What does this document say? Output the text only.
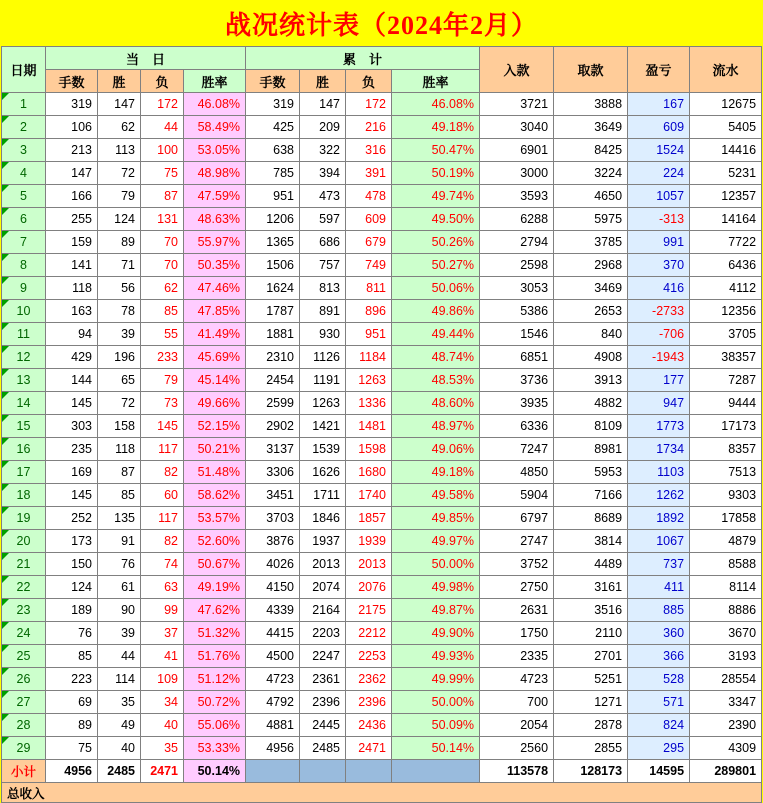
战况统计表（2024年2月）
日期	当　日				累　计				入款	取款	盈亏	流水
	手数	胜	负	胜率	手数	胜	负	胜率				

1	319	147	172	46.08%	319	147	172	46.08%	3721	3888	167	12675

2	106	62	44	58.49%	425	209	216	49.18%	3040	3649	609	5405

3	213	113	100	53.05%	638	322	316	50.47%	6901	8425	1524	14416

4	147	72	75	48.98%	785	394	391	50.19%	3000	3224	224	5231

5	166	79	87	47.59%	951	473	478	49.74%	3593	4650	1057	12357

6	255	124	131	48.63%	1206	597	609	49.50%	6288	5975	-313	14164

7	159	89	70	55.97%	1365	686	679	50.26%	2794	3785	991	7722

8	141	71	70	50.35%	1506	757	749	50.27%	2598	2968	370	6436

9	118	56	62	47.46%	1624	813	811	50.06%	3053	3469	416	4112

10	163	78	85	47.85%	1787	891	896	49.86%	5386	2653	-2733	12356

11	94	39	55	41.49%	1881	930	951	49.44%	1546	840	-706	3705

12	429	196	233	45.69%	2310	1126	1184	48.74%	6851	4908	-1943	38357

13	144	65	79	45.14%	2454	1191	1263	48.53%	3736	3913	177	7287

14	145	72	73	49.66%	2599	1263	1336	48.60%	3935	4882	947	9444

15	303	158	145	52.15%	2902	1421	1481	48.97%	6336	8109	1773	17173

16	235	118	117	50.21%	3137	1539	1598	49.06%	7247	8981	1734	8357

17	169	87	82	51.48%	3306	1626	1680	49.18%	4850	5953	1103	7513

18	145	85	60	58.62%	3451	1711	1740	49.58%	5904	7166	1262	9303

19	252	135	117	53.57%	3703	1846	1857	49.85%	6797	8689	1892	17858

20	173	91	82	52.60%	3876	1937	1939	49.97%	2747	3814	1067	4879

21	150	76	74	50.67%	4026	2013	2013	50.00%	3752	4489	737	8588

22	124	61	63	49.19%	4150	2074	2076	49.98%	2750	3161	411	8114

23	189	90	99	47.62%	4339	2164	2175	49.87%	2631	3516	885	8886

24	76	39	37	51.32%	4415	2203	2212	49.90%	1750	2110	360	3670

25	85	44	41	51.76%	4500	2247	2253	49.93%	2335	2701	366	3193

26	223	114	109	51.12%	4723	2361	2362	49.99%	4723	5251	528	28554

27	69	35	34	50.72%	4792	2396	2396	50.00%	700	1271	571	3347

28	89	49	40	55.06%	4881	2445	2436	50.09%	2054	2878	824	2390

29	75	40	35	53.33%	4956	2485	2471	50.14%	2560	2855	295	4309
小计	4956	2485	2471	50.14%					113578	128173	14595	289801
总收入												
